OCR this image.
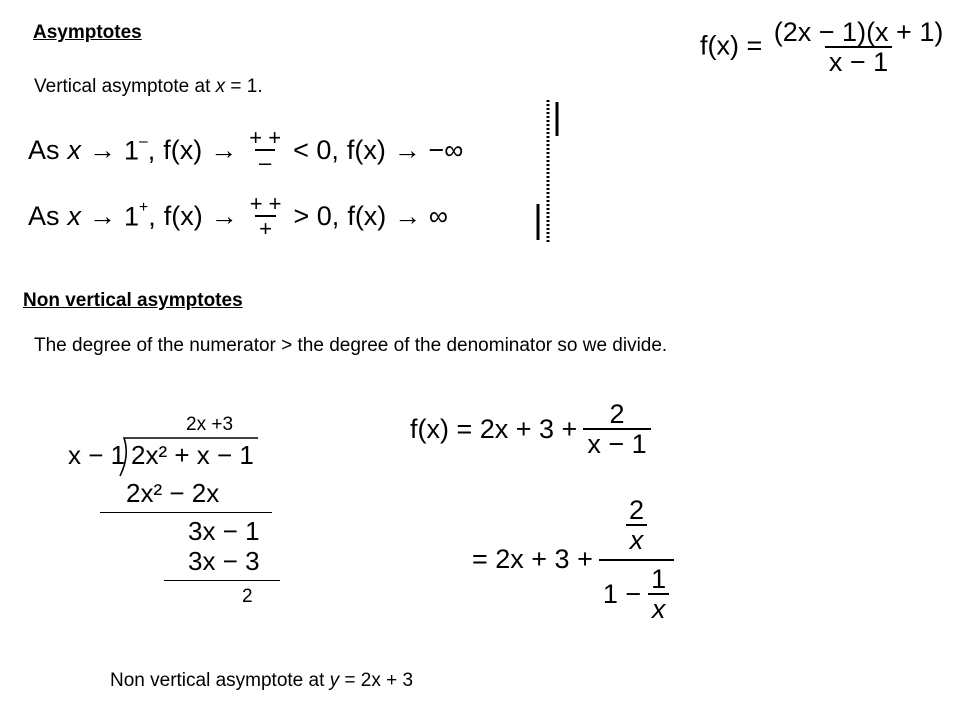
Asymptotes	$f(x) = \frac{(2x - 1)(x + 1)}{x - 1}$
Vertical asymptote at x = 1.
As x → 1–, $f(x) \to \frac{+ +}{-} < 0$, f(x) → −∞
As x → 1+, $f(x) \to \frac{+ +}{+} > 0$, f(x) → ∞
Non vertical asymptotes
The degree of the numerator > the degree of the denominator so we divide.
2x +3
x − 1 2x² + x − 1
2x² − 2x
3x − 1
3x − 3
2
$f(x) = 2x + 3 + \frac{2}{x - 1}$
= $2x + 3 + \frac{\frac{2}{x}}{1 - \frac{1}{x}}$
Non vertical asymptote at y = 2x + 3
